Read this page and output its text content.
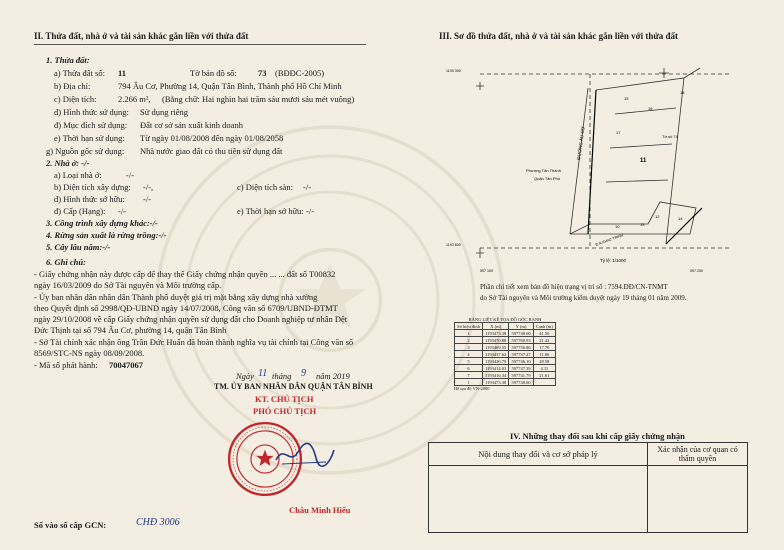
II. Thửa đất, nhà ở và tài sản khác gắn liền với thửa đất
1. Thửa đất:
a) Thửa đất số: 11	Tờ bản đồ số: 73 (BĐĐC-2005)
b) Địa chỉ:	794 Âu Cơ, Phường 14, Quận Tân Bình, Thành phố Hồ Chí Minh
c) Diện tích:	2.266 m², (Bằng chữ: Hai nghìn hai trăm sáu mươi sáu mét vuông)
d) Hình thức sử dụng: Sử dụng riêng
đ) Mục đích sử dụng: Đất cơ sở sản xuất kinh doanh
e) Thời hạn sử dụng: Từ ngày 01/08/2008 đến ngày 01/08/2058
g) Nguồn gốc sử dụng: Nhà nước giao đất có thu tiền sử dụng đất
2. Nhà ở: -/-
a) Loại nhà ở:	-/-
b) Diện tích xây dựng: -/-,	c) Diện tích sàn: -/-
d) Hình thức sở hữu: -/-
đ) Cấp (Hạng): -/-	e) Thời hạn sở hữu: -/-
3. Công trình xây dựng khác:-/-
4. Rừng sản xuất là rừng trồng:-/-
5. Cây lâu năm:-/-
6. Ghi chú:
- Giấy chứng nhận này được cấp để thay thế Giấy chứng nhận quyền ... ... đất số T00832
ngày 16/03/2009 do Sở Tài nguyên và Môi trường cấp.
- Ủy ban nhân dân nhân dân Thành phố duyệt giá trị mặt bằng xây dựng nhà xưởng
theo Quyết định số 2998/QĐ-UBND ngày 14/07/2008, Công văn số 6709/UBND-ĐTMT
ngày 29/10/2008 về cấp Giấy chứng nhận quyền sử dụng đất cho Doanh nghiệp tư nhân Dệt
Đức Thịnh tại số 794 Âu Cơ, phường 14, quận Tân Bình
- Sở Tài chính xác nhận ông Trần Đức Huấn đã hoàn thành nghĩa vụ tài chính tại Công văn số
8569/STC-NS ngày 08/09/2008.
- Mã số phát hành: 70047067
Ngày 11 tháng 9 năm 2019
TM. ỦY BAN NHÂN DÂN QUẬN TÂN BÌNH
KT. CHỦ TỊCH
PHÓ CHỦ TỊCH
Châu Minh Hiếu
Số vào sổ cấp GCN:	CHĐ 3006
III. Sơ đồ thửa đất, nhà ở và tài sản khác gắn liền với thửa đất
1193 300
1193 600
597 100	597 200
ĐƯỜNG ÂU CƠ
Phường Tân Thành
Quận Tân Phú
11
Tờ số 74
Đ.N.KHAC TRINH
10
12
13
14
15
16
17
18
Tỷ lệ: 1/1000
Phần chỉ tiết xem bản đồ hiện trạng vị trí số : 7594.ĐĐ/CN-TNMT
do Sở Tài nguyên và Môi trường kiểm duyệt ngày 19 tháng 01 năm 2009.
BẢNG LIỆT KÊ TỌA ĐỘ GÓC RANH
Số hiệu đỉnh	X (m)	Y (m)	Cạnh (m)
1	1193473.38	597748.60	41.50
2	1193470.88	597760.93	21.42
3	1193469.55	597756.86	17.70
4	1193437.62	597737.27	11.06
5	1193426.79	597746.10	28.58
6	1193414.03	597747.39	4.11
7	1193416.34	597741.79	21.61
1	1193473.38	597748.60	
Hệ tọa độ VN-2000
IV. Những thay đổi sau khi cấp giấy chứng nhận
Nội dung thay đổi và cơ sở pháp lý	Xác nhận của cơ quan có thẩm quyền
